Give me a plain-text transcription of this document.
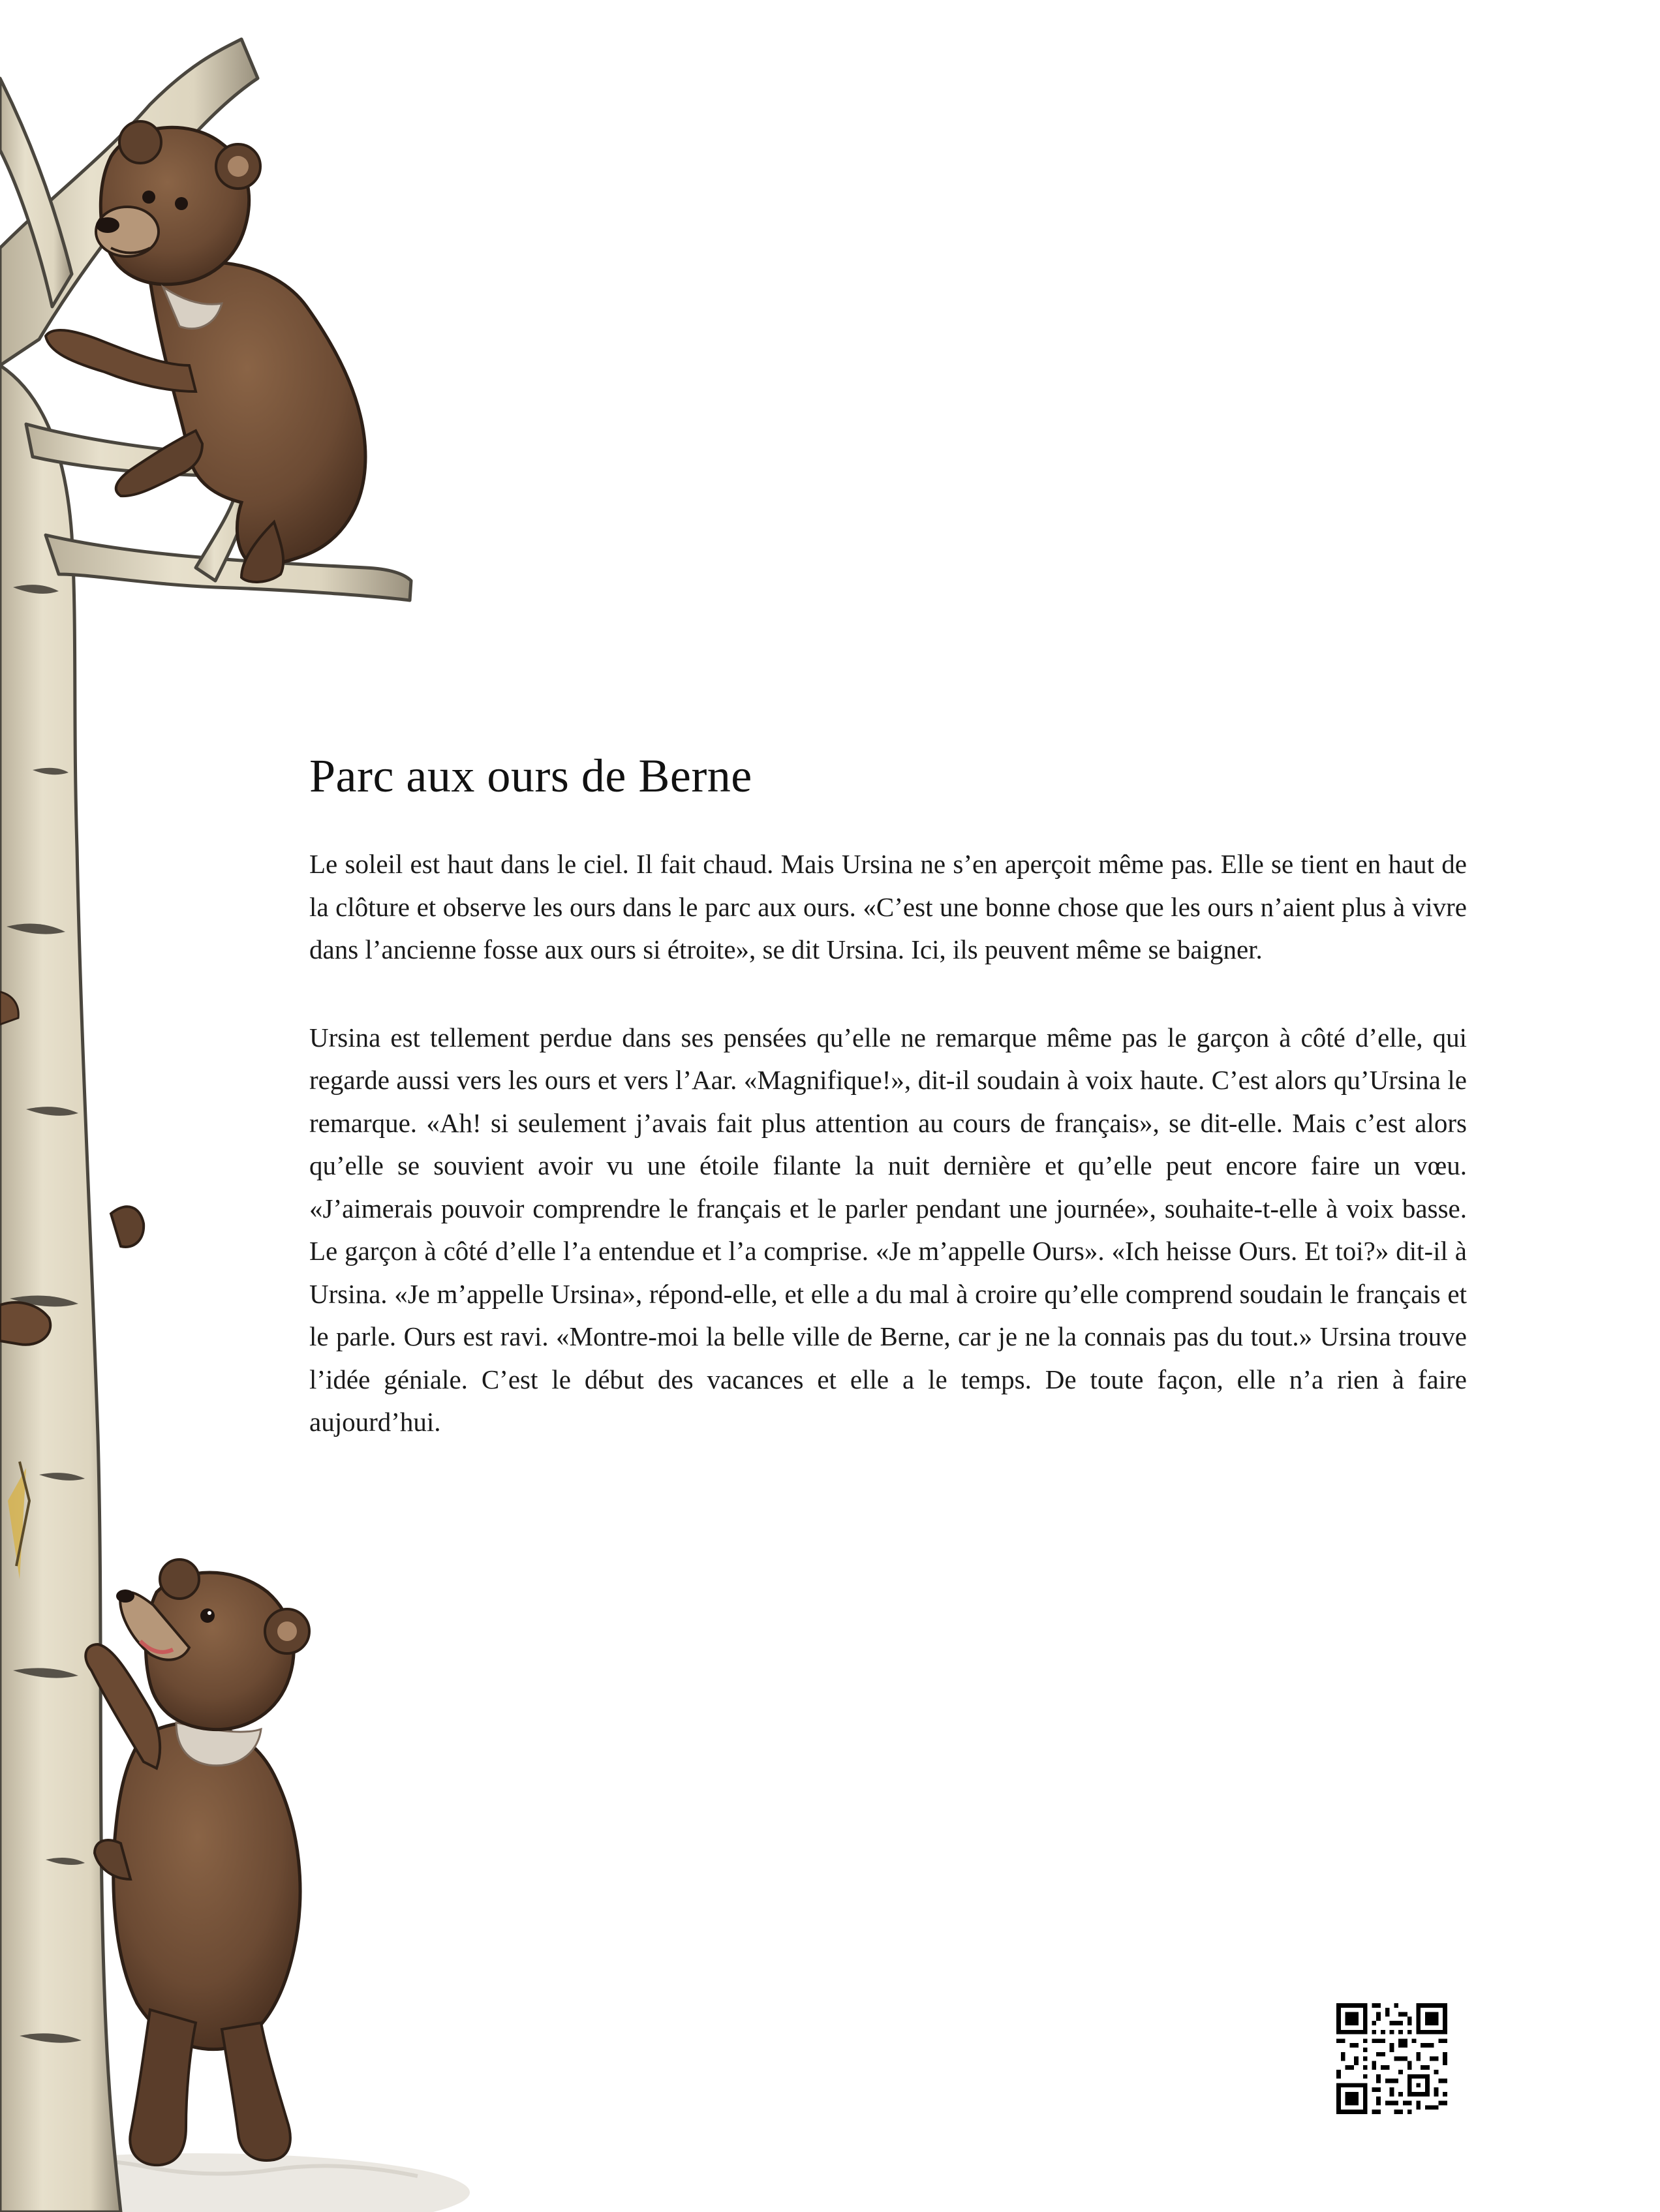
Parc aux ours de Berne

Le soleil est haut dans le ciel. Il fait chaud. Mais Ursina ne s’en aperçoit même pas. Elle se tient en haut de la clôture et observe les ours dans le parc aux ours. «C’est une bonne chose que les ours n’aient plus à vivre dans l’ancienne fosse aux ours si étroite», se dit Ursina. Ici, ils peuvent même se baigner.

Ursina est tellement perdue dans ses pensées qu’elle ne remarque même pas le garçon à côté d’elle, qui regarde aussi vers les ours et vers l’Aar. «Magnifique!», dit-il soudain à voix haute. C’est alors qu’Ursina le remarque. «Ah! si seulement j’avais fait plus attention au cours de français», se dit-elle. Mais c’est alors qu’elle se souvient avoir vu une étoile filante la nuit dernière et qu’elle peut encore faire un vœu. «J’aimerais pouvoir comprendre le français et le parler pendant une journée», souhaite-t-elle à voix basse. Le garçon à côté d’elle l’a entendue et l’a comprise. «Je m’appelle Ours». «Ich heisse Ours. Et toi?» dit-il à Ursina. «Je m’appelle Ursina», répond-elle, et elle a du mal à croire qu’elle comprend soudain le français et le parle. Ours est ravi. «Montre-moi la belle ville de Berne, car je ne la connais pas du tout.» Ursina trouve l’idée géniale. C’est le début des vacances et elle a le temps. De toute façon, elle n’a rien à faire aujourd’hui.
